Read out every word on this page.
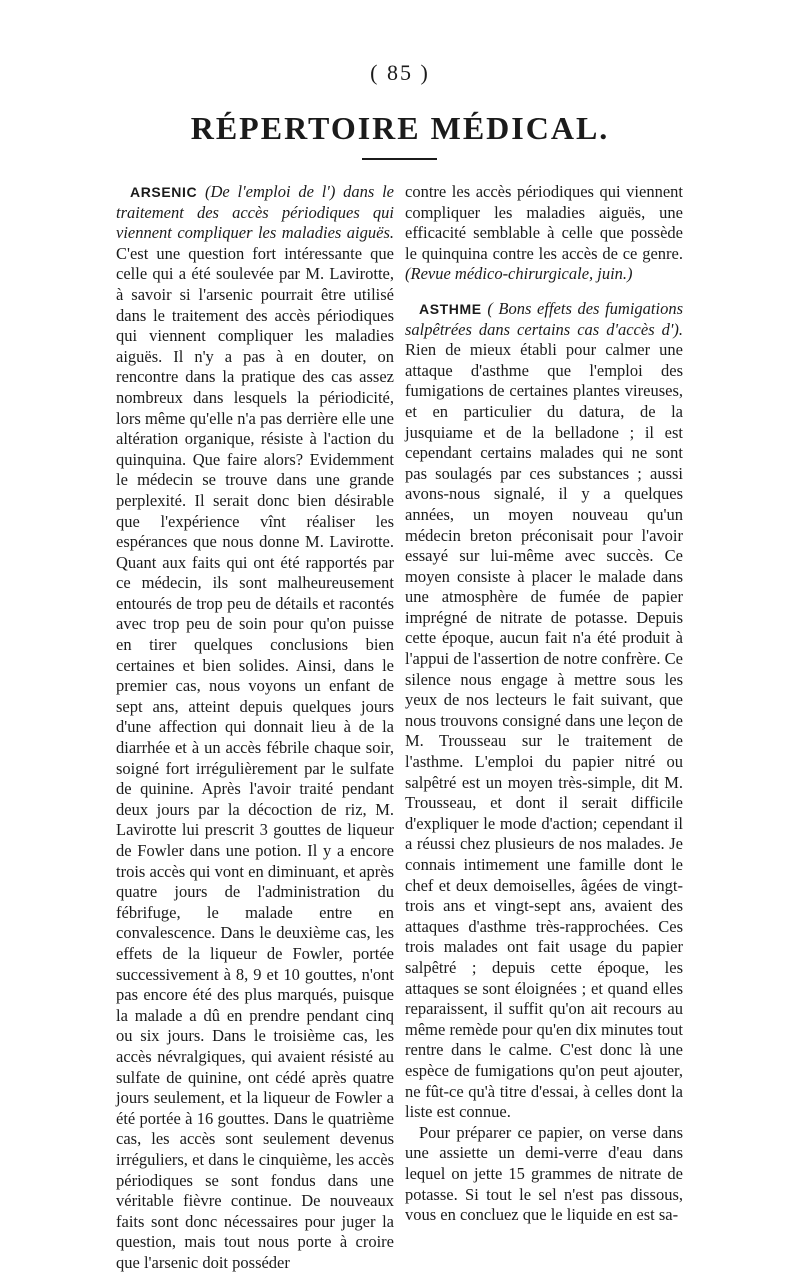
( 85 )
RÉPERTOIRE MÉDICAL.

ARSENIC (De l'emploi de l') dans le traitement des accès périodiques qui viennent compliquer les maladies aiguës. C'est une question fort intéressante que celle qui a été soulevée par M. Lavirotte, à savoir si l'arsenic pourrait être utilisé dans le traitement des accès périodiques qui viennent compliquer les maladies aiguës. Il n'y a pas à en douter, on rencontre dans la pratique des cas assez nombreux dans lesquels la périodicité, lors même qu'elle n'a pas derrière elle une altération organique, résiste à l'action du quinquina. Que faire alors? Evidemment le médecin se trouve dans une grande perplexité. Il serait donc bien désirable que l'expérience vînt réaliser les espérances que nous donne M. Lavirotte. Quant aux faits qui ont été rapportés par ce médecin, ils sont malheureusement entourés de trop peu de détails et racontés avec trop peu de soin pour qu'on puisse en tirer quelques conclusions bien certaines et bien solides. Ainsi, dans le premier cas, nous voyons un enfant de sept ans, atteint depuis quelques jours d'une affection qui donnait lieu à de la diarrhée et à un accès fébrile chaque soir, soigné fort irrégulièrement par le sulfate de quinine. Après l'avoir traité pendant deux jours par la décoction de riz, M. Lavirotte lui prescrit 3 gouttes de liqueur de Fowler dans une potion. Il y a encore trois accès qui vont en diminuant, et après quatre jours de l'administration du fébrifuge, le malade entre en convalescence. Dans le deuxième cas, les effets de la liqueur de Fowler, portée successivement à 8, 9 et 10 gouttes, n'ont pas encore été des plus marqués, puisque la malade a dû en prendre pendant cinq ou six jours. Dans le troisième cas, les accès névralgiques, qui avaient résisté au sulfate de quinine, ont cédé après quatre jours seulement, et la liqueur de Fowler a été portée à 16 gouttes. Dans le quatrième cas, les accès sont seulement devenus irréguliers, et dans le cinquième, les accès périodiques se sont fondus dans une véritable fièvre continue. De nouveaux faits sont donc nécessaires pour juger la question, mais tout nous porte à croire que l'arsenic doit posséder

contre les accès périodiques qui viennent compliquer les maladies aiguës, une efficacité semblable à celle que possède le quinquina contre les accès de ce genre. (Revue médico-chirurgicale, juin.)

ASTHME ( Bons effets des fumigations salpêtrées dans certains cas d'accès d'). Rien de mieux établi pour calmer une attaque d'asthme que l'emploi des fumigations de certaines plantes vireuses, et en particulier du datura, de la jusquiame et de la belladone ; il est cependant certains malades qui ne sont pas soulagés par ces substances ; aussi avons-nous signalé, il y a quelques années, un moyen nouveau qu'un médecin breton préconisait pour l'avoir essayé sur lui-même avec succès. Ce moyen consiste à placer le malade dans une atmosphère de fumée de papier imprégné de nitrate de potasse. Depuis cette époque, aucun fait n'a été produit à l'appui de l'assertion de notre confrère. Ce silence nous engage à mettre sous les yeux de nos lecteurs le fait suivant, que nous trouvons consigné dans une leçon de M. Trousseau sur le traitement de l'asthme. L'emploi du papier nitré ou salpêtré est un moyen très-simple, dit M. Trousseau, et dont il serait difficile d'expliquer le mode d'action; cependant il a réussi chez plusieurs de nos malades. Je connais intimement une famille dont le chef et deux demoiselles, âgées de vingt-trois ans et vingt-sept ans, avaient des attaques d'asthme très-rapprochées. Ces trois malades ont fait usage du papier salpêtré ; depuis cette époque, les attaques se sont éloignées ; et quand elles reparaissent, il suffit qu'on ait recours au même remède pour qu'en dix minutes tout rentre dans le calme. C'est donc là une espèce de fumigations qu'on peut ajouter, ne fût-ce qu'à titre d'essai, à celles dont la liste est connue.

Pour préparer ce papier, on verse dans une assiette un demi-verre d'eau dans lequel on jette 15 grammes de nitrate de potasse. Si tout le sel n'est pas dissous, vous en concluez que le liquide en est sa-
